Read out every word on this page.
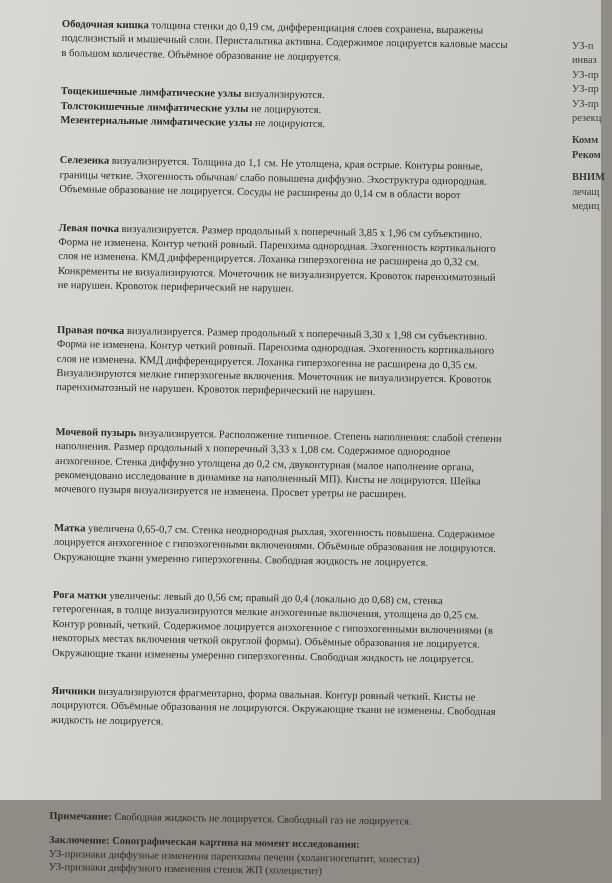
Ободочная кишка толщина стенки до 0,19 см, дифференциация слоев сохранена, выражены
подслизистый и мышечный слои. Перистальтика активна. Содержимое лоцируется каловые массы
в большом количестве. Объёмное образование не лоцируется.

Тощекишечные лимфатические узлы визуализируются.

Толстокишечные лимфатические узлы не лоцируются.

Мезентериальные лимфатические узлы не лоцируются.

Селезенка визуализируется. Толщина до 1,1 см. Не утолщена, края острые. Контуры ровные,
границы четкие. Эхогенность обычная/ слабо повышена диффузно. Эхоструктура однородная.
Объемные образование не лоцируется. Сосуды не расширены до 0,14 см в области ворот
Левая почка визуализируется. Размер продольный х поперечный 3,85 х 1,96 см субъективно.
Форма не изменена. Контур четкий ровный. Паренхима однородная. Эхогенность кортикального
слоя не изменена. КМД дифференцируется. Лоханка гиперэхогенна не расширена до 0,32 см.
Конкременты не визуализируются. Мочеточник не визуализируется. Кровоток паренхиматозный
не нарушен. Кровоток периферический не нарушен.
Правая почка визуализируется. Размер продольный х поперечный 3,30 х 1,98 см субъективно.
Форма не изменена. Контур четкий ровный. Паренхима однородная. Эхогенность кортикального
слоя не изменена. КМД дифференцируется. Лоханка гиперэхогенна не расширена до 0,35 см.
Визуализируются мелкие гиперэхогеные включения. Мочеточник не визуализируется. Кровоток
паренхиматозный не нарушен. Кровоток периферический не нарушен.
Мочевой пузырь визуализируется. Расположение типичное. Степень наполнения: слабой степени
наполнения. Размер продольный х поперечный 3,33 х 1,08 см. Содержимое однородное
анэхогенное. Стенка диффузно утолщена до 0,2 см, двуконтурная (малое наполнение органа,
рекомендовано исследование в динамике на наполненный МП). Кисты не лоцируются. Шейка
мочевого пузыря визуализируется не изменена. Просвет уретры не расширен.
Матка увеличена 0,65-0,7 см. Стенка неоднородная рыхлая, эхогенность повышена. Содержимое
лоцируется анэхогенное с гипоэхогенными включениями. Объёмные образования не лоцируются.
Окружающие ткани умеренно гиперэхогенны. Свободная жидкость не лоцируется.
Рога матки увеличены: левый до 0,56 см; правый до 0,4 (локально до 0,68) см, стенка
гетерогенная, в толще визуализируются мелкие анэхогенные включения, утолщена до 0,25 см.
Контур ровный, четкий. Содержимое лоцируется анэхогенное с гипоэхогенными включениями (в
некоторых местах включения четкой округлой формы). Объёмные образования не лоцируется.
Окружающие ткани изменены умеренно гиперэхогенны. Свободная жидкость не лоцируется.
Яичники визуализируются фрагментарно, форма овальная. Контур ровный четкий. Кисты не
лоцируются. Объёмные образования не лоцируются. Окружающие ткани не изменены. Свободная
жидкость не лоцируется.
Примечание: Свободная жидкость не лоцируется. Свободный газ не лоцируется.
Заключение: Сонографическая картина на момент исследования:
УЗ-признаки диффузные изменения паренхимы печени (холангиогепатит, холестаз)
УЗ-признаки диффузного изменения стенок ЖП (холецистит)
УЗ-п
инваз
УЗ-пр
УЗ-пр
УЗ-пр
резекц
Комм
Реком
ВНИМ
лечащ
медиц
